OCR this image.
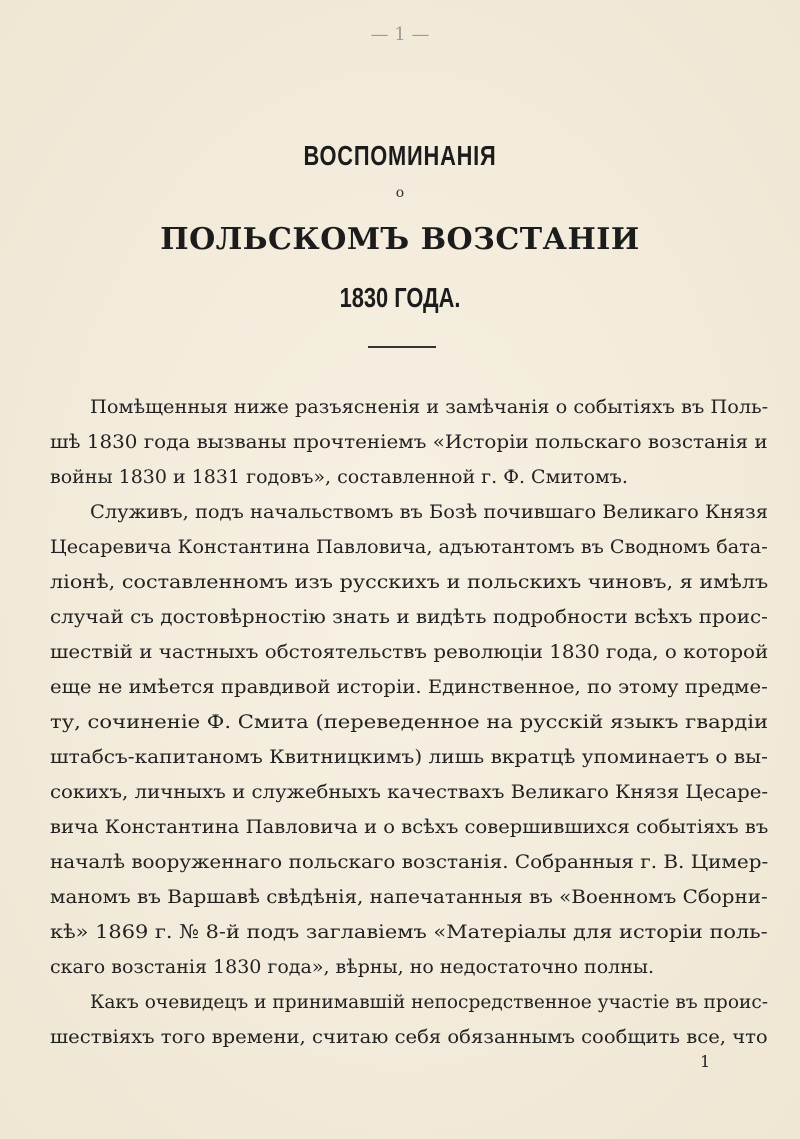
— 1 —
ВОСПОМИНАНІЯ
о
ПОЛЬСКОМЪ ВОЗСТАНІИ
1830 ГОДА.
Помѣщенныя ниже разъясненія и замѣчанія о событіяхъ въ Поль-
шѣ 1830 года вызваны прочтеніемъ «Исторіи польскаго возстанія и
войны 1830 и 1831 годовъ», составленной г. Ф. Смитомъ.
Служивъ, подъ начальствомъ въ Бозѣ почившаго Великаго Князя
Цесаревича Константина Павловича, адъютантомъ въ Сводномъ бата-
ліонѣ, составленномъ изъ русскихъ и польскихъ чиновъ, я имѣлъ
случай съ достовѣрностію знать и видѣть подробности всѣхъ проис-
шествій и частныхъ обстоятельствъ революціи 1830 года, о которой
еще не имѣется правдивой исторіи. Единственное, по этому предме-
ту, сочиненіе Ф. Смита (переведенное на русскій языкъ гвардіи
штабсъ-капитаномъ Квитницкимъ) лишь вкратцѣ упоминаетъ о вы-
сокихъ, личныхъ и служебныхъ качествахъ Великаго Князя Цесаре-
вича Константина Павловича и о всѣхъ совершившихся событіяхъ въ
началѣ вооруженнаго польскаго возстанія. Собранныя г. В. Цимер-
маномъ въ Варшавѣ свѣдѣнія, напечатанныя въ «Военномъ Сборни-
кѣ» 1869 г. № 8-й подъ заглавіемъ «Матеріалы для исторіи поль-
скаго возстанія 1830 года», вѣрны, но недостаточно полны.
Какъ очевидецъ и принимавшій непосредственное участіе въ проис-
шествіяхъ того времени, считаю себя обязаннымъ сообщить все, что
1
